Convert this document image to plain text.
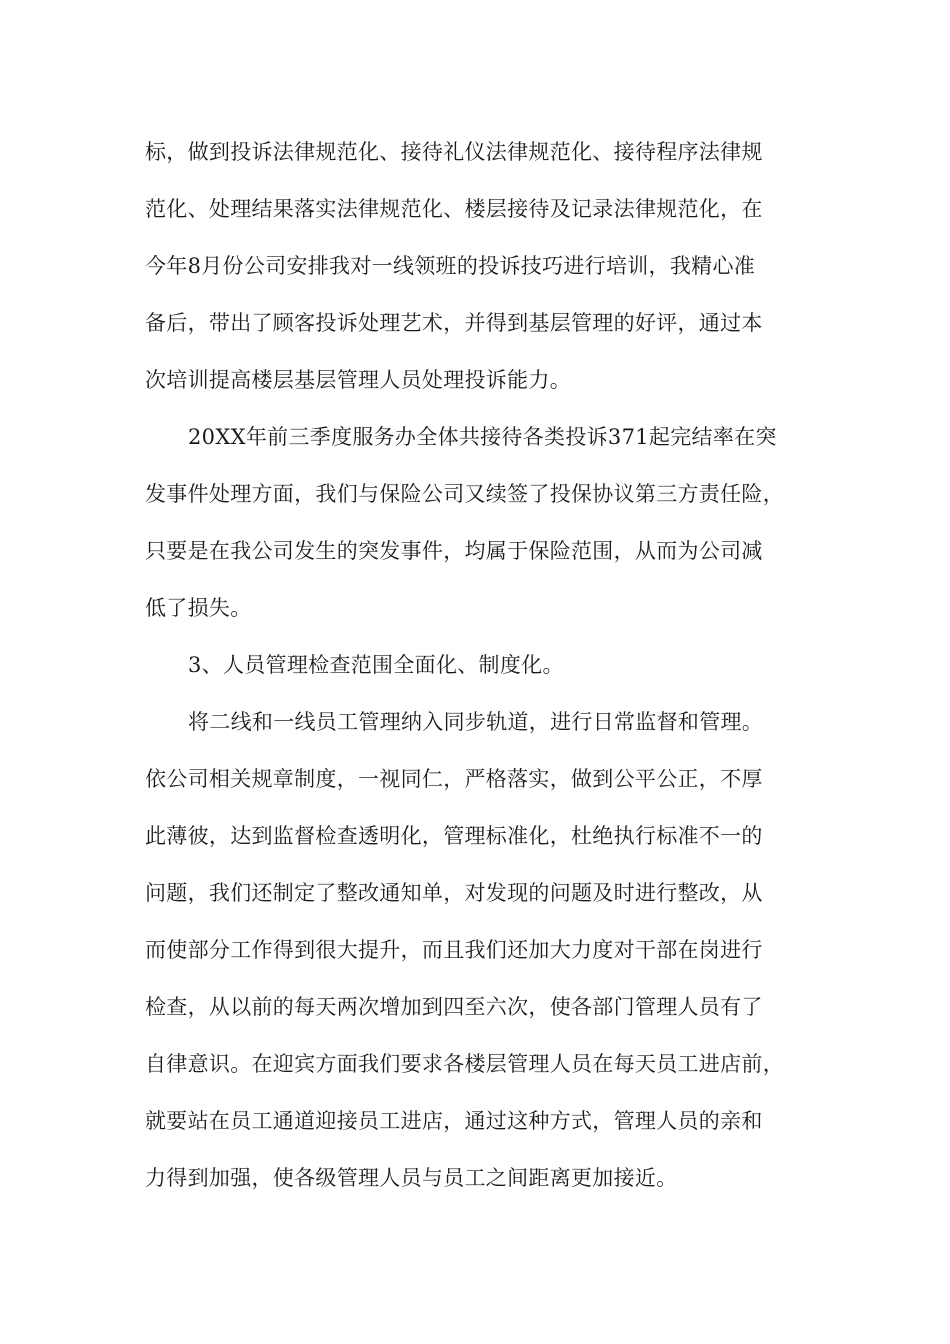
标，做到投诉法律规范化、接待礼仪法律规范化、接待程序法律规
范化、处理结果落实法律规范化、楼层接待及记录法律规范化，在
今年8月份公司安排我对一线领班的投诉技巧进行培训，我精心准
备后，带出了顾客投诉处理艺术，并得到基层管理的好评，通过本
次培训提高楼层基层管理人员处理投诉能力。
20XX年前三季度服务办全体共接待各类投诉371起完结率在突
发事件处理方面，我们与保险公司又续签了投保协议第三方责任险，
只要是在我公司发生的突发事件，均属于保险范围，从而为公司减
低了损失。
3、人员管理检查范围全面化、制度化。
将二线和一线员工管理纳入同步轨道，进行日常监督和管理。
依公司相关规章制度，一视同仁，严格落实，做到公平公正，不厚
此薄彼，达到监督检查透明化，管理标准化，杜绝执行标准不一的
问题，我们还制定了整改通知单，对发现的问题及时进行整改，从
而使部分工作得到很大提升，而且我们还加大力度对干部在岗进行
检查，从以前的每天两次增加到四至六次，使各部门管理人员有了
自律意识。在迎宾方面我们要求各楼层管理人员在每天员工进店前，
就要站在员工通道迎接员工进店，通过这种方式，管理人员的亲和
力得到加强，使各级管理人员与员工之间距离更加接近。
